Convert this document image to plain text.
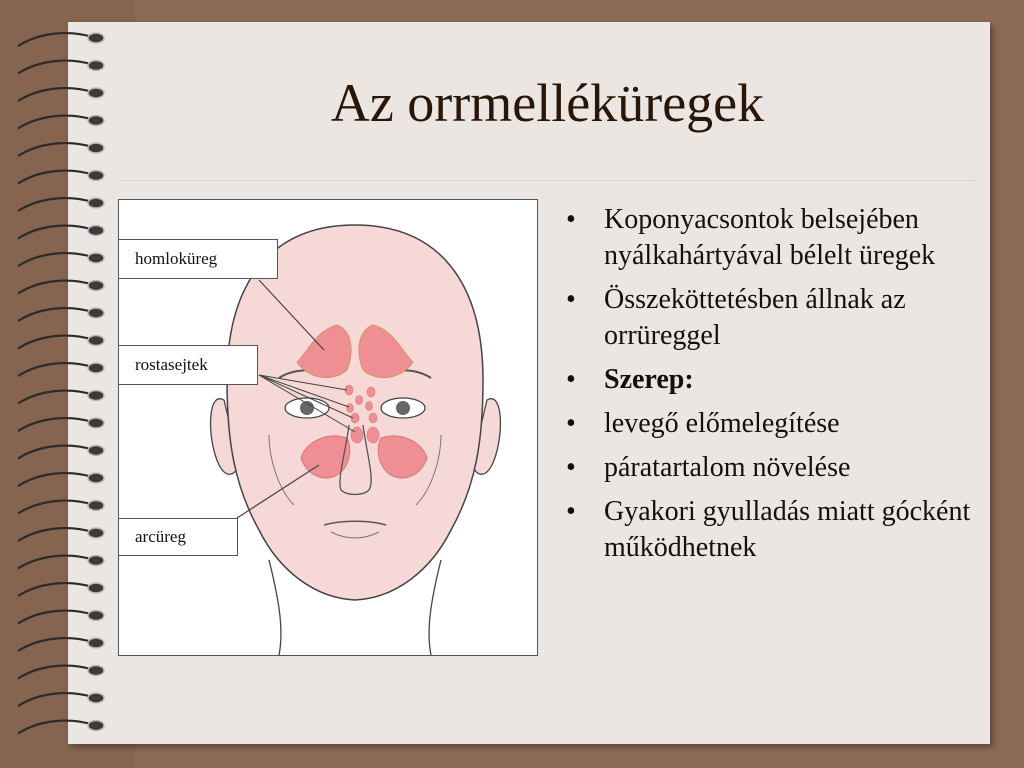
Az orrmelléküregek
homloküreg
rostasejtek
arcüreg
• Koponyacsontok belsejében nyálkahártyával bélelt üregek
• Összeköttetésben állnak az orrüreggel
• Szerep:
• levegő előmelegítése
• páratartalom növelése
• Gyakori gyulladás miatt gócként működhetnek
